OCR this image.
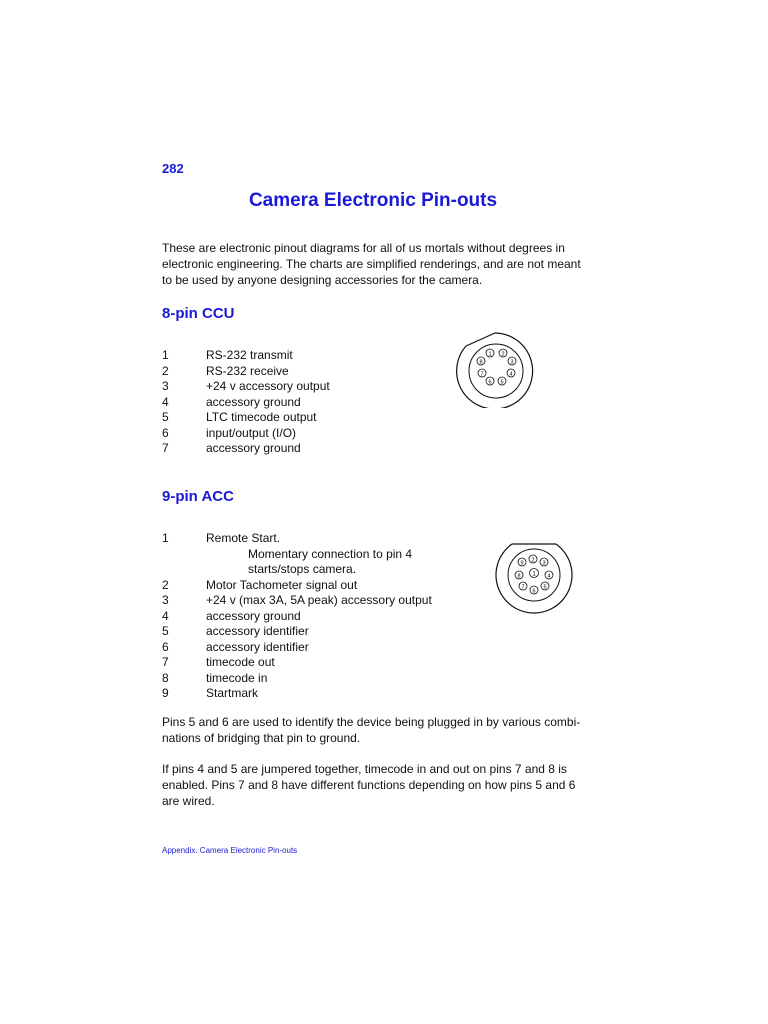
282
Camera Electronic Pin-outs
These are electronic pinout diagrams for all of us mortals without degrees in
electronic engineering. The charts are simplified renderings, and are not meant
to be used by anyone designing accessories for the camera.
8-pin CCU
1	RS-232 transmit
2	RS-232 receive
3	+24 v accessory output
4	accessory ground
5	LTC timecode output
6	input/output (I/O)
7	accessory ground
1 2
3
4
5
6
7
8
9-pin ACC
1	Remote Start.
Momentary connection to pin 4
starts/stops camera.
2	Motor Tachometer signal out
3	+24 v (max 3A, 5A peak) accessory output
4	accessory ground
5	accessory identifier
6	accessory identifier
7	timecode out
8	timecode in
9	Startmark
1
2 3
4
5
6
7
8
9
Pins 5 and 6 are used to identify the device being plugged in by various combi-
nations of bridging that pin to ground.
If pins 4 and 5 are jumpered together, timecode in and out on pins 7 and 8 is
enabled. Pins 7 and 8 have different functions depending on how pins 5 and 6
are wired.
Appendix. Camera Electronic Pin-outs
